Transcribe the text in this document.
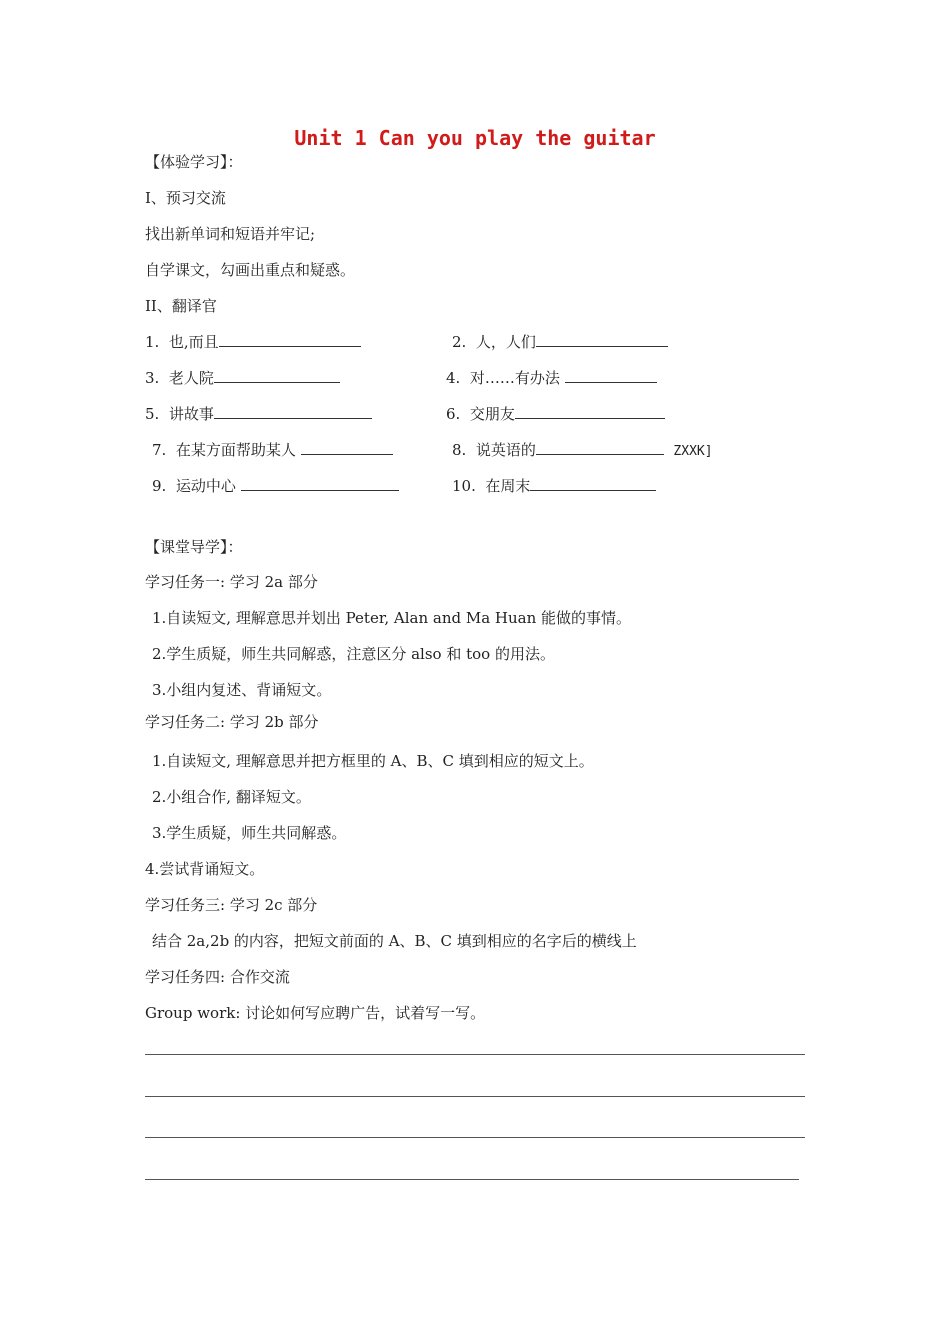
Unit 1 Can you play the guitar
【体验学习】：
I、预习交流
找出新单词和短语并牢记;
自学课文，勾画出重点和疑惑。
II、翻译官
1. 也,而且	2. 人，人们
3. 老人院	4. 对……有办法
5. 讲故事	6. 交朋友
7. 在某方面帮助某人	8. 说英语的	ZXXK]
9. 运动中心	10. 在周末
【课堂导学】：
学习任务一: 学习 2a 部分
1.自读短文, 理解意思并划出 Peter, Alan and Ma Huan 能做的事情。
2.学生质疑，师生共同解惑，注意区分 also 和 too 的用法。
3.小组内复述、背诵短文。
学习任务二: 学习 2b 部分
1.自读短文, 理解意思并把方框里的 A、B、C 填到相应的短文上。
2.小组合作, 翻译短文。
3.学生质疑，师生共同解惑。
4.尝试背诵短文。
学习任务三: 学习 2c 部分
结合 2a,2b 的内容，把短文前面的 A、B、C 填到相应的名字后的横线上
学习任务四: 合作交流
Group work: 讨论如何写应聘广告，试着写一写。
